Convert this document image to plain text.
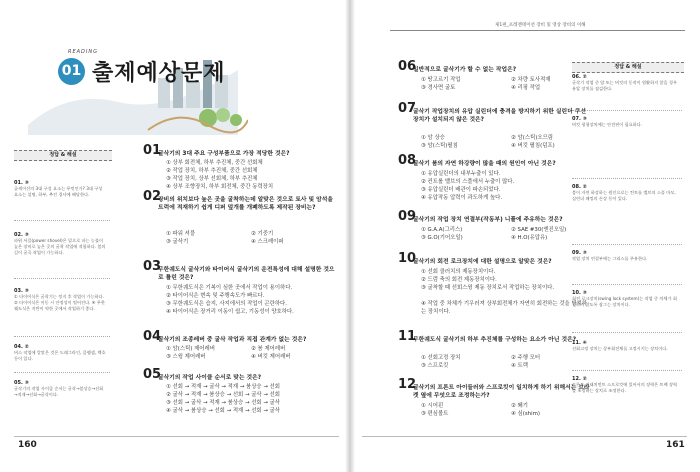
READING
01 출제예상문제
제1편_프레젠테이션 장비 및 영상 장비의 이해
정답 & 해설
01. ③
골세이션의 3대 구성 요소는 무엇인가? 3대 구성요소는 설명, 하부, 추진 경사에 해당한다.
02. ③
파워 서플(power shovel)은 밑으로 파는 능률이 높은 장비로 높은 곳의 굴착 작업에 적합하다. 붐의 길이 굴곡 작업이 가능하다.
03. ③
① 타이어식은 굴착기는 정지 후 작업이 가능하다. ② 타이어식은 이동 시 안정성이 떨어진다. ④ 무한궤도식은 지반이 약한 곳에서 작업하기 좋다.
04. ②
버스 작업에 알맞은 것은 드래그라인, 클램셸, 백호 등이 있다.
05. ③
굴삭기의 작업 사이클 순서는 굴삭→붐상승→선회→적재→선회→굴삭이다.
01
굴삭기의 3대 주요 구성부품으로 가장 적당한 것은?
① 상부 회전체, 하부 추진체, 중간 선회체
② 작업 장치, 하부 추진체, 중간 선회체
③ 작업 장치, 상부 선회체, 하부 추진체
④ 상부 조향장치, 하부 회전체, 중간 동력장치
02
장비의 위치보다 높은 곳을 굴착하는데 알맞은 것으로 토사 및 암석을 트럭에 적재하기 쉽게 디퍼 덮개를 개폐하도록 제작된 장비는?
① 파워 셔블	② 기중기
③ 굴삭기	④ 스크레이퍼
03
무한궤도식 굴삭기와 타이어식 굴삭기의 운전특성에 대해 설명한 것으로 틀린 것은?
① 무한궤도식은 기복이 심한 곳에서 작업이 용이하다.
② 타이어식은 변속 및 주행속도가 빠르다.
③ 무한궤도식은 습지, 사지에서의 작업이 곤란하다.
④ 타이어식은 장거리 이동이 쉽고, 기동성이 양호하다.
04
굴삭기의 조종레버 중 굴삭 작업과 직접 관계가 없는 것은?
① 암(스틱) 제어레버	② 붐 제어레버
③ 스윙 제어레버	④ 버킷 제어레버
05
굴삭기의 작업 사이클 순서로 맞는 것은?
① 선회 → 적재 → 굴삭 → 적재 → 붐상승 → 선회
② 굴삭 → 적재 → 붐상승 → 선회 → 굴삭 → 선회
③ 선회 → 굴삭 → 적재 → 붐상승 → 선회 → 굴삭
④ 굴삭 → 붐상승 → 선회 → 적재 → 선회 → 굴삭
06
일반적으로 굴삭기가 할 수 없는 작업은?
① 땅고르기 작업	② 차량 토사적재
③ 경사면 굴토	④ 리핑 작업
07
굴삭기 작업장치의 유압 실린더에 충격을 방지하기 위한 실린더 쿠션장치가 설치되지 않은 것은?
① 암 상승	② 암(스틱)오므림
③ 암(스틱)펼침	④ 버킷 펼침(덤프)
08
굴삭기 붐의 자연 하강량이 많을 때의 원인이 아닌 것은?
① 유압실린더의 내부누출이 있다.
② 컨트롤 밸브의 스풀에서 누출이 많다.
③ 유압실린더 배관이 파손되었다.
④ 유압작동 압력이 과도하게 높다.
09
굴삭기의 작업 장치 연결부(작동부) 니플에 주유하는 것은?
① G.A.A(그리스)	② SAE #30(엔진오일)
③ G.O(기어오일)	④ H.O(유압유)
10
굴삭기의 회전 로크장치에 대한 설명으로 알맞은 것은?
① 선회 클러치의 제동장치이다.
② 드럼 축의 회전 제동장치이다.
③ 굴착할 때 선회스윙 제동 장치로서 작업하는 장치이다.
④ 작업 중 차체가 기우러져 상부회전체가 자연히 회전하는 것을 방지하는 장치이다.
11
무한궤도식 굴삭기의 하부 추진체를 구성하는 요소가 아닌 것은?
① 선회고정 장치	② 주행 모터
③ 스프로킷	④ 트랙
12
굴삭기의 프론트 아이들러와 스프로킷이 일치하게 하기 위해서는 브라켓 옆에 무엇으로 조정하는가?
① 시어핀	② 쐐기
③ 편심볼트	④ 심(shim)
정답 & 해설
06. ②
굴삭기 작업 중 암 또는 버킷의 동작이 원활하지 않을 경우 유압 장치를 점검한다.
07. ③
버킷 평형장치에는 안전핀이 필요하다.
08. ②
붐이 자연 하강하는 원인으로는 컨트롤 밸브의 스풀 마모, 실린더 패킹의 손상 등이 있다.
09. ③
작업 장치 연결부에는 그리스를 주유한다.
10. ③
회전 로크장치(swing lock system)는 작업 중 차체가 회전하지 않도록 잠그는 장치이다.
11. ④
선회고정 장치는 상부회전체를 고정시키는 장치이다.
12. ②
프론트 어태치먼트 스프로킷에 있어서의 장력은 트랙 장력을 조정하는 장치로 조정한다.
160	161
